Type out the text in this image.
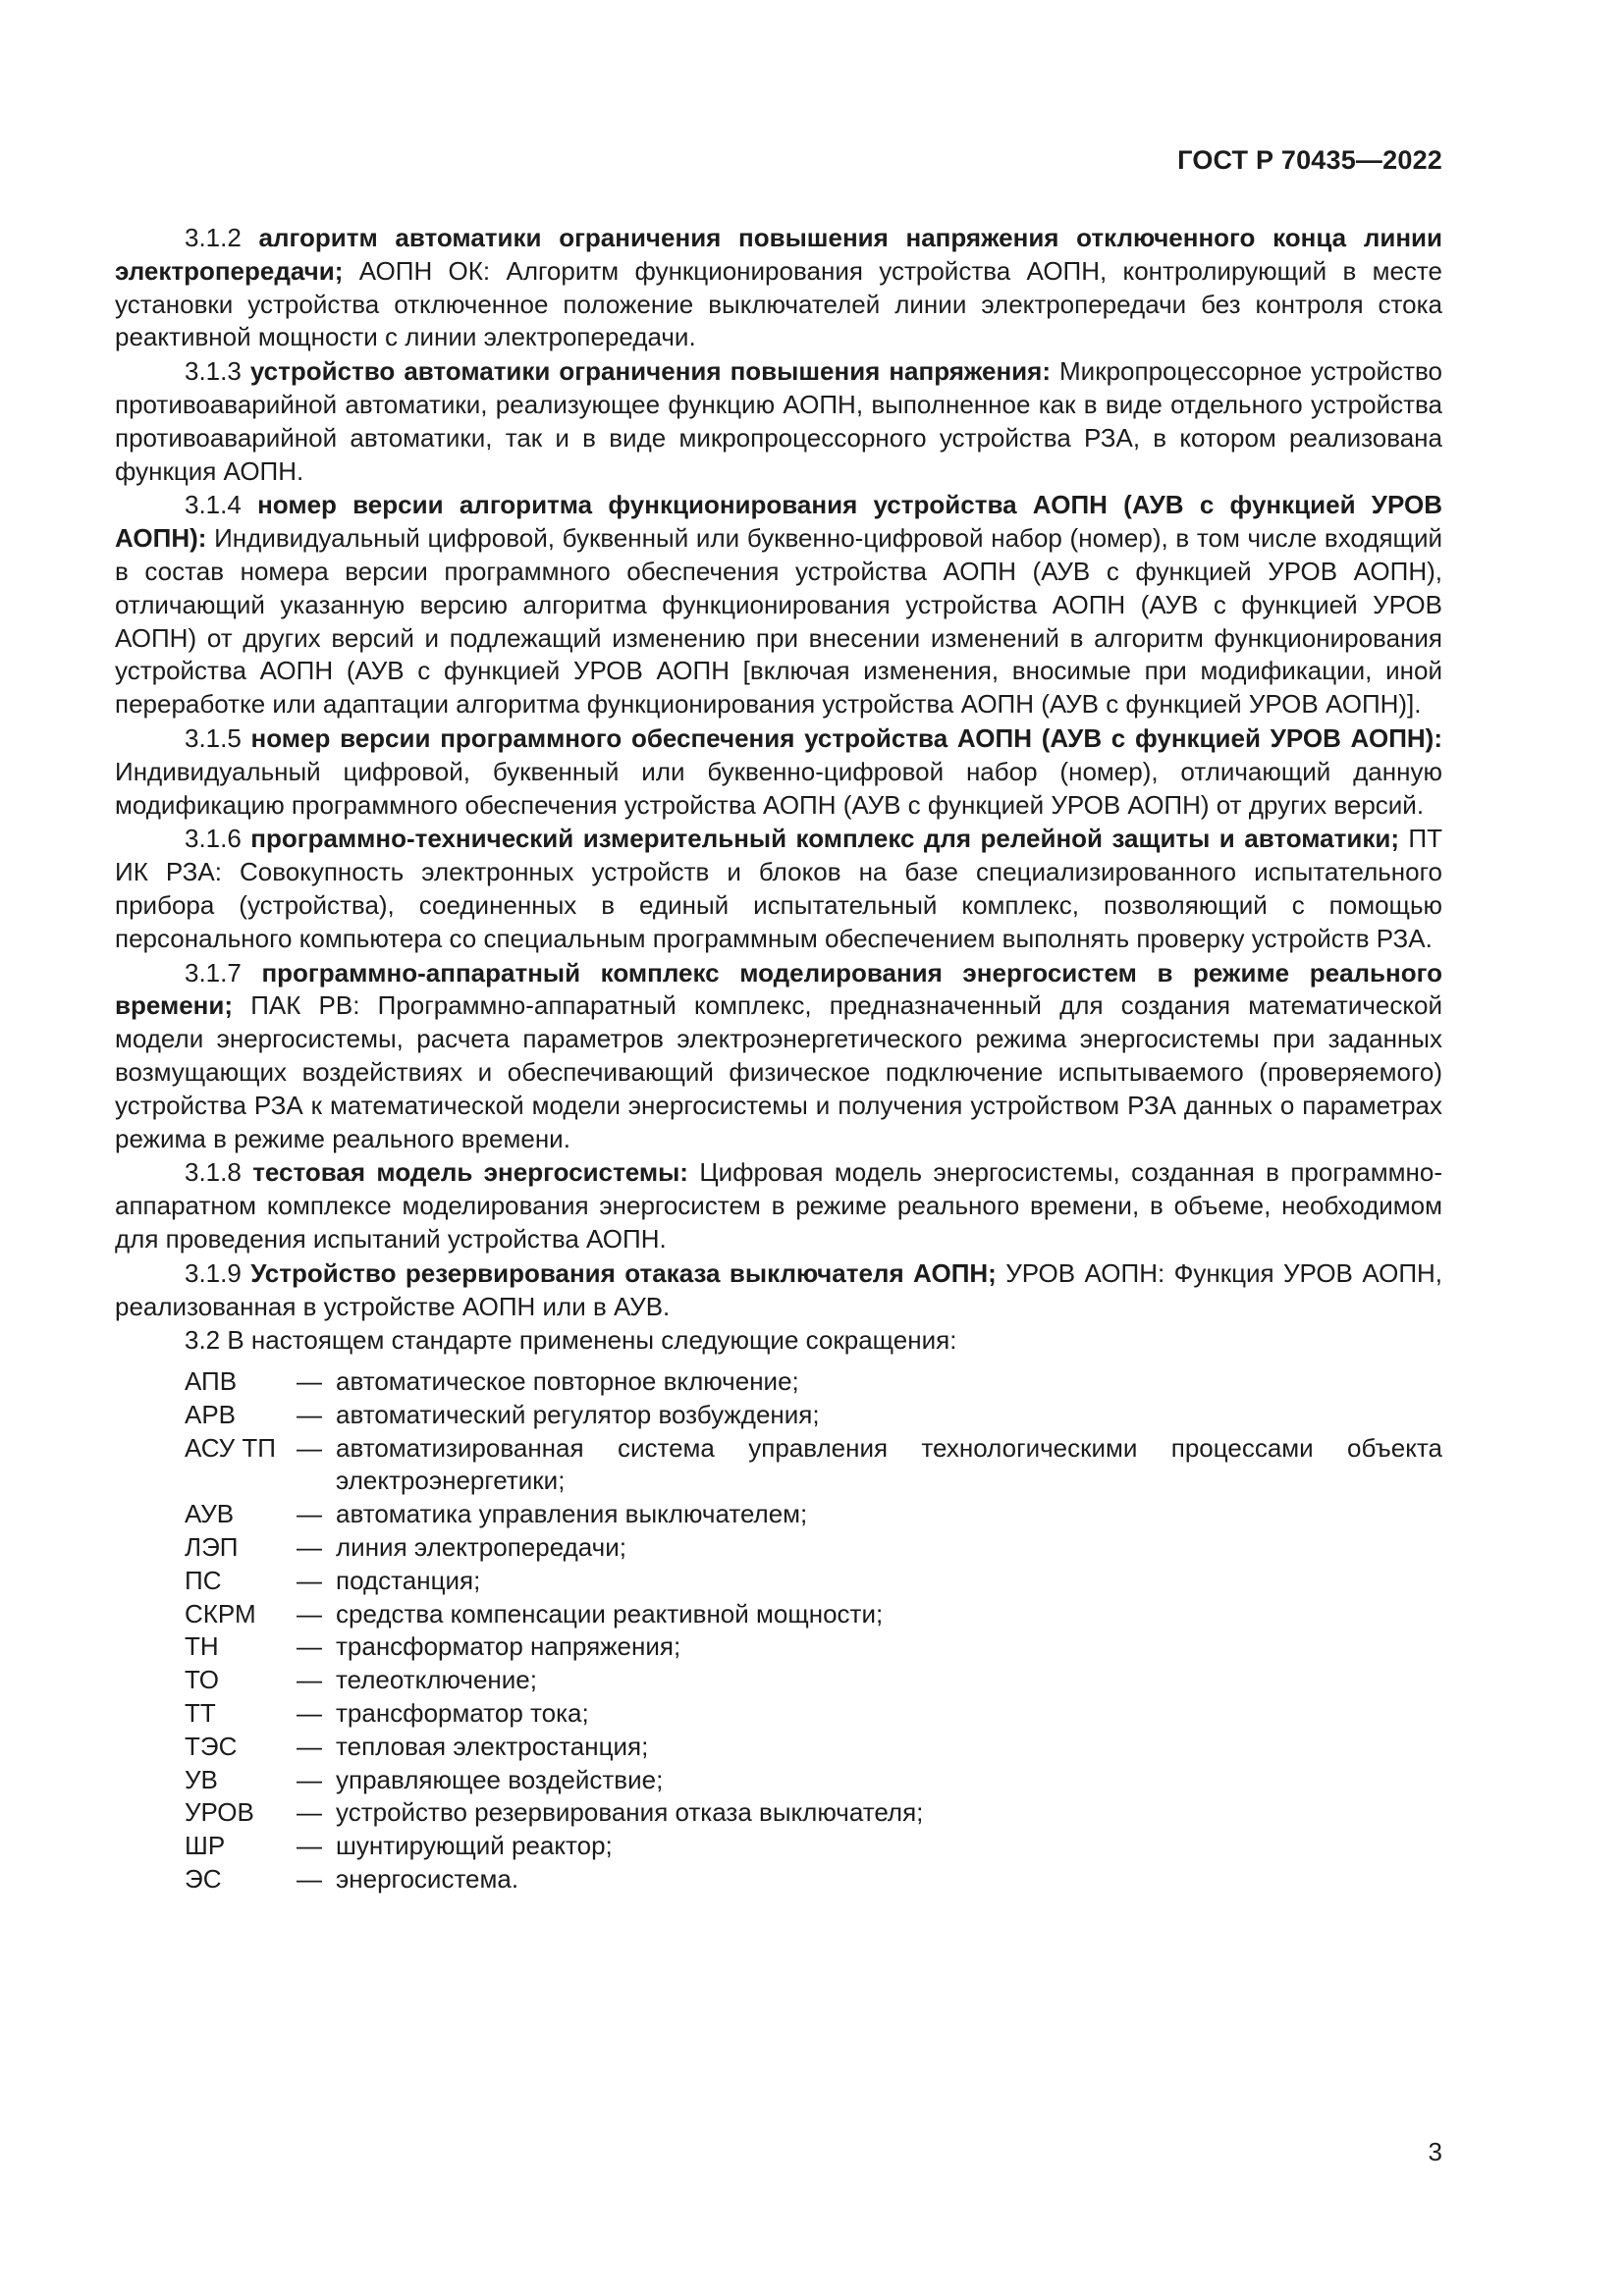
ГОСТ Р 70435—2022

3.1.2 алгоритм автоматики ограничения повышения напряжения отключенного конца линии электропередачи; АОПН ОК: Алгоритм функционирования устройства АОПН, контролирующий в месте установки устройства отключенное положение выключателей линии электропередачи без контроля стока реактивной мощности с линии электропередачи.

3.1.3 устройство автоматики ограничения повышения напряжения: Микропроцессорное устройство противоаварийной автоматики, реализующее функцию АОПН, выполненное как в виде отдельного устройства противоаварийной автоматики, так и в виде микропроцессорного устройства РЗА, в котором реализована функция АОПН.

3.1.4 номер версии алгоритма функционирования устройства АОПН (АУВ с функцией УРОВ АОПН): Индивидуальный цифровой, буквенный или буквенно-цифровой набор (номер), в том числе входящий в состав номера версии программного обеспечения устройства АОПН (АУВ с функцией УРОВ АОПН), отличающий указанную версию алгоритма функционирования устройства АОПН (АУВ с функцией УРОВ АОПН) от других версий и подлежащий изменению при внесении изменений в алгоритм функционирования устройства АОПН (АУВ с функцией УРОВ АОПН [включая изменения, вносимые при модификации, иной переработке или адаптации алгоритма функционирования устройства АОПН (АУВ с функцией УРОВ АОПН)].

3.1.5 номер версии программного обеспечения устройства АОПН (АУВ с функцией УРОВ АОПН): Индивидуальный цифровой, буквенный или буквенно-цифровой набор (номер), отличающий данную модификацию программного обеспечения устройства АОПН (АУВ с функцией УРОВ АОПН) от других версий.

3.1.6 программно-технический измерительный комплекс для релейной защиты и автоматики; ПТ ИК РЗА: Совокупность электронных устройств и блоков на базе специализированного испытательного прибора (устройства), соединенных в единый испытательный комплекс, позволяющий с помощью персонального компьютера со специальным программным обеспечением выполнять проверку устройств РЗА.

3.1.7 программно-аппаратный комплекс моделирования энергосистем в режиме реального времени; ПАК РВ: Программно-аппаратный комплекс, предназначенный для создания математической модели энергосистемы, расчета параметров электроэнергетического режима энергосистемы при заданных возмущающих воздействиях и обеспечивающий физическое подключение испытываемого (проверяемого) устройства РЗА к математической модели энергосистемы и получения устройством РЗА данных о параметрах режима в режиме реального времени.

3.1.8 тестовая модель энергосистемы: Цифровая модель энергосистемы, созданная в программно-аппаратном комплексе моделирования энергосистем в режиме реального времени, в объеме, необходимом для проведения испытаний устройства АОПН.

3.1.9 Устройство резервирования отаказа выключателя АОПН; УРОВ АОПН: Функция УРОВ АОПН, реализованная в устройстве АОПН или в АУВ.

3.2 В настоящем стандарте применены следующие сокращения:

АПВ	— автоматическое повторное включение;
АРВ	— автоматический регулятор возбуждения;
АСУ ТП — автоматизированная система управления технологическими процессами объекта электроэнергетики;
АУВ	— автоматика управления выключателем;
ЛЭП	— линия электропередачи;
ПС	— подстанция;
СКРМ	— средства компенсации реактивной мощности;
ТН	— трансформатор напряжения;
ТО	— телеотключение;
ТТ	— трансформатор тока;
ТЭС	— тепловая электростанция;
УВ	— управляющее воздействие;
УРОВ	— устройство резервирования отказа выключателя;
ШР	— шунтирующий реактор;
ЭС	— энергосистема.
3
